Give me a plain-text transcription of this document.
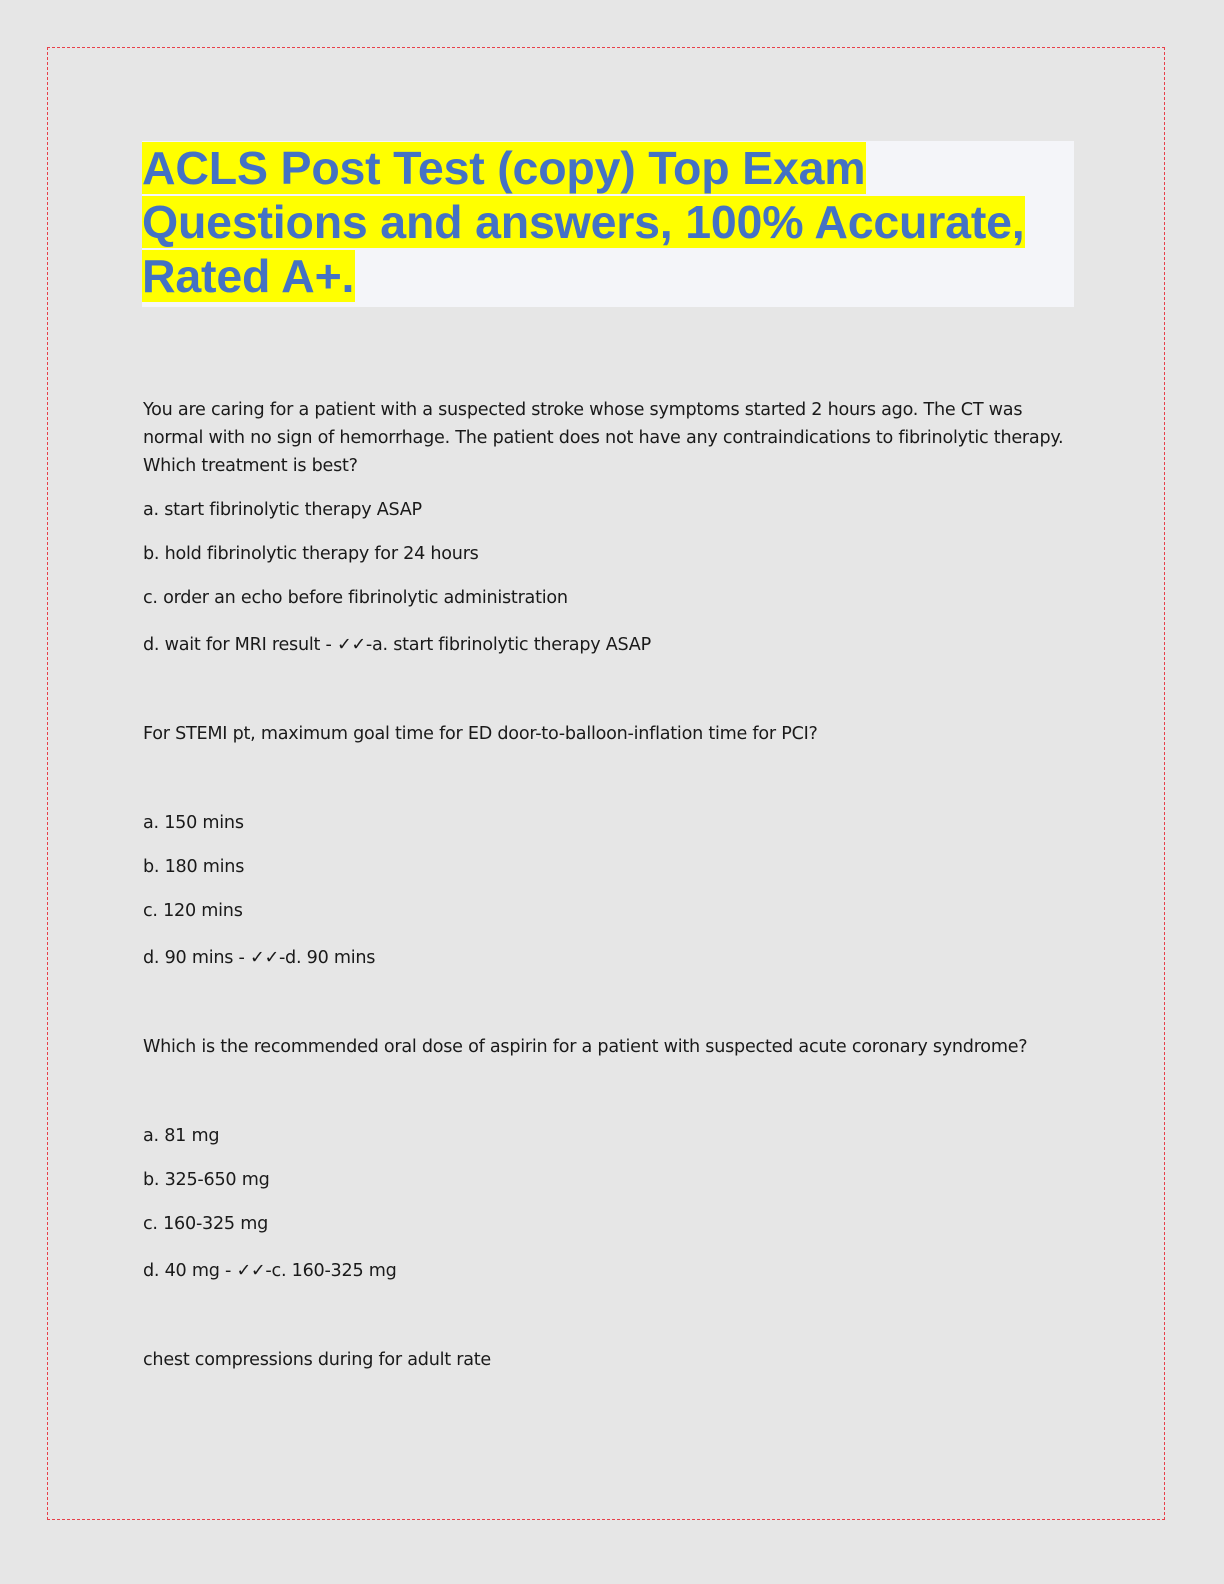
ACLS Post Test (copy) Top Exam
Questions and answers, 100% Accurate,
Rated A+.

You are caring for a patient with a suspected stroke whose symptoms started 2 hours ago. The CT was normal with no sign of hemorrhage. The patient does not have any contraindications to fibrinolytic therapy. Which treatment is best?

a. start fibrinolytic therapy ASAP

b. hold fibrinolytic therapy for 24 hours

c. order an echo before fibrinolytic administration

d. wait for MRI result - ✓✓-a. start fibrinolytic therapy ASAP

For STEMI pt, maximum goal time for ED door-to-balloon-inflation time for PCI?

a. 150 mins

b. 180 mins

c. 120 mins

d. 90 mins - ✓✓-d. 90 mins

Which is the recommended oral dose of aspirin for a patient with suspected acute coronary syndrome?

a. 81 mg

b. 325-650 mg

c. 160-325 mg

d. 40 mg - ✓✓-c. 160-325 mg

chest compressions during for adult rate
